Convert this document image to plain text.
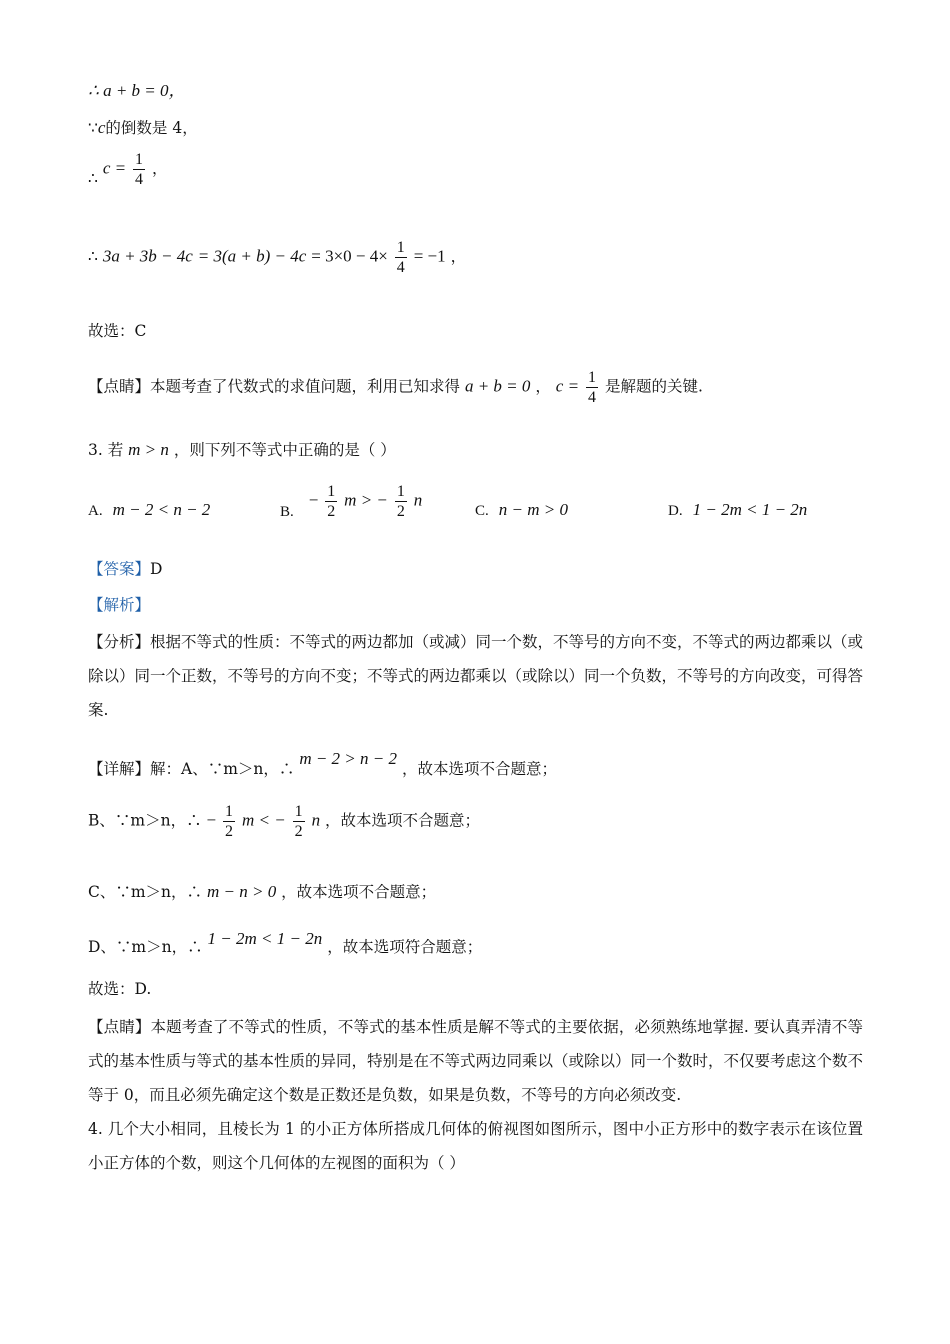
∴ a + b = 0，
∵c的倒数是 4，
∴ $c = \frac{1}{4}$ ，
∴ $3a + 3b - 4c = 3(a + b) - 4c = 3\times 0 - 4\times \frac{1}{4} = -1$ ，
故选：C
【点睛】本题考查了代数式的求值问题，利用已知求得 a + b = 0 ， $c = \frac{1}{4}$ 是解题的关键.
3. 若 m > n ，则下列不等式中正确的是（ ）
A. m − 2 < n − 2	B. − $\frac{1}{2}$ m > − $\frac{1}{2}$ n
C. n − m > 0	D. 1 − 2m < 1 − 2n
【答案】D
【解析】
【分析】根据不等式的性质：不等式的两边都加（或减）同一个数，不等号的方向不变，不等式的两边都乘以（或除以）同一个正数，不等号的方向不变；不等式的两边都乘以（或除以）同一个负数，不等号的方向改变，可得答案.
【详解】解：A、∵m＞n，∴ m − 2 > n − 2 ，故本选项不合题意；
B、∵m＞n，∴ − $\frac{1}{2}$ m < − $\frac{1}{2}$ n ，故本选项不合题意；
C、∵m＞n，∴ m − n > 0 ，故本选项不合题意；
D、∵m＞n，∴ 1 − 2m < 1 − 2n ，故本选项符合题意；
故选：D.
【点睛】本题考查了不等式的性质，不等式的基本性质是解不等式的主要依据，必须熟练地掌握. 要认真弄清不等式的基本性质与等式的基本性质的异同，特别是在不等式两边同乘以（或除以）同一个数时，不仅要考虑这个数不等于 0，而且必须先确定这个数是正数还是负数，如果是负数，不等号的方向必须改变.
4. 几个大小相同，且棱长为 1 的小正方体所搭成几何体的俯视图如图所示，图中小正方形中的数字表示在该位置小正方体的个数，则这个几何体的左视图的面积为（ ）
